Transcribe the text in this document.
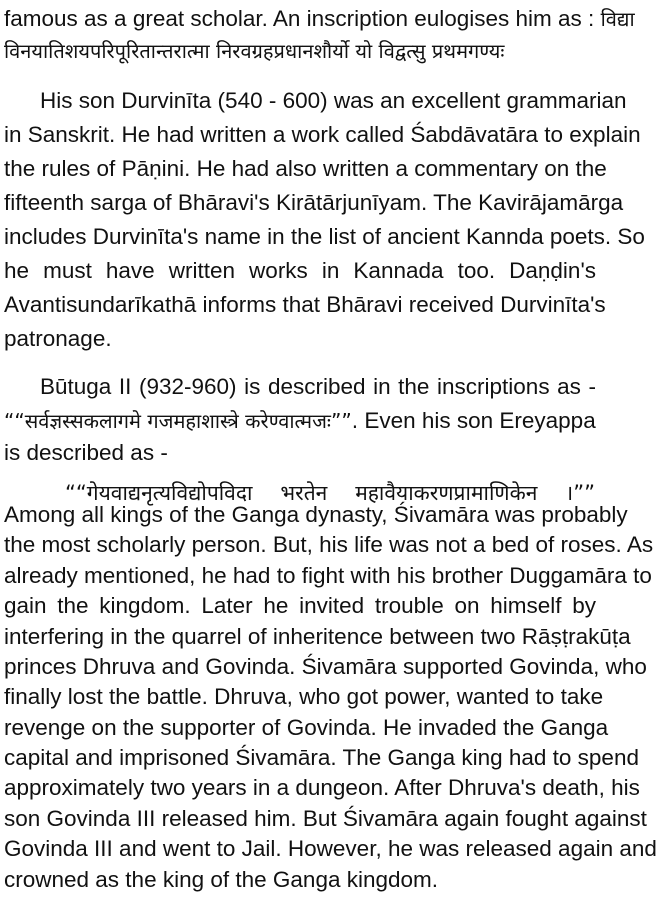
famous as a great scholar. An inscription eulogises him as : विद्या
विनयातिशयपरिपूरितान्तरात्मा निरवग्रहप्रधानशौर्यो यो विद्वत्सु प्रथमगण्यः
His son Durvinīta (540 - 600) was an excellent grammarian
in Sanskrit. He had written a work called Śabdāvatāra to explain
the rules of Pāṇini. He had also written a commentary on the
fifteenth sarga of Bhāravi's Kirātārjunīyam. The Kavirājamārga
includes Durvinīta's name in the list of ancient Kannda poets. So
he must have written works in Kannada too. Daṇḍin's
Avantisundarīkathā informs that Bhāravi received Durvinīta's
patronage.
Būtuga II (932-960) is described in the inscriptions as -
““सर्वज्ञस्सकलागमे गजमहाशास्त्रे करेण्वात्मजः””. Even his son Ereyappa
is described as -
““गेयवाद्यनृत्यविद्योपविदा भरतेन महावैयाकरणप्रामाणिकेन ।””
Among all kings of the Ganga dynasty, Śivamāra was probably
the most scholarly person. But, his life was not a bed of roses. As
already mentioned, he had to fight with his brother Duggamāra to
gain the kingdom. Later he invited trouble on himself by
interfering in the quarrel of inheritence between two Rāṣṭrakūṭa
princes Dhruva and Govinda. Śivamāra supported Govinda, who
finally lost the battle. Dhruva, who got power, wanted to take
revenge on the supporter of Govinda. He invaded the Ganga
capital and imprisoned Śivamāra. The Ganga king had to spend
approximately two years in a dungeon. After Dhruva's death, his
son Govinda III released him. But Śivamāra again fought against
Govinda III and went to Jail. However, he was released again and
crowned as the king of the Ganga kingdom.
